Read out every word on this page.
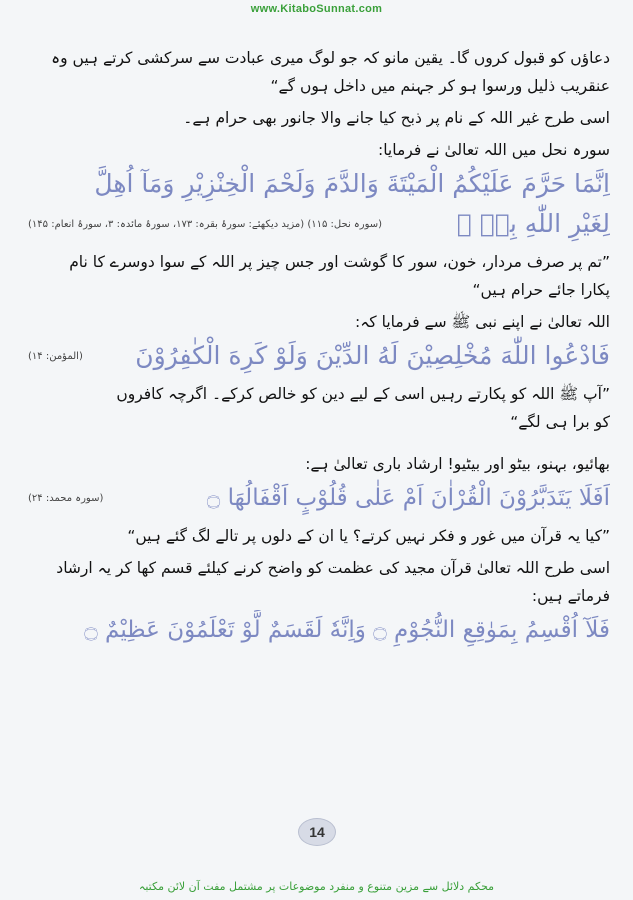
www.KitaboSunnat.com
دعاؤں کو قبول کروں گا۔ یقین مانو کہ جو لوگ میری عبادت سے سرکشی کرتے ہیں وہ
عنقریب ذلیل ورسوا ہو کر جہنم میں داخل ہوں گے“
اسی طرح غیر اللہ کے نام پر ذبح کیا جانے والا جانور بھی حرام ہے۔
سورہ نحل میں اللہ تعالیٰ نے فرمایا:
اِنَّمَا حَرَّمَ عَلَيْكُمُ الْمَيْتَةَ وَالدَّمَ وَلَحْمَ الْخِنْزِيْرِ وَمَآ اُهِلَّ
لِغَيْرِ اللّٰهِ بِهٖ ۚ
(سورہ نحل: ۱۱۵) (مزید دیکھئے: سورۂ بقرہ: ۱۷۳، سورۂ مائدہ: ۳، سورۂ انعام: ۱۴۵)
”تم پر صرف مردار، خون، سور کا گوشت اور جس چیز پر اللہ کے سوا دوسرے کا نام
پکارا جائے حرام ہیں“
اللہ تعالیٰ نے اپنے نبی ﷺ سے فرمایا کہ:
فَادْعُوا اللّٰهَ مُخْلِصِيْنَ لَهُ الدِّيْنَ وَلَوْ كَرِهَ الْكٰفِرُوْنَ
(المؤمن: ۱۴)
”آپ ﷺ اللہ کو پکارتے رہیں اسی کے لیے دین کو خالص کرکے۔ اگرچہ کافروں
کو برا ہی لگے“
بھائیو، بہنو، بیٹو اور بیٹیو! ارشاد باری تعالیٰ ہے:
اَفَلَا يَتَدَبَّرُوْنَ الْقُرْاٰنَ اَمْ عَلٰى قُلُوْبٍ اَقْفَالُهَا ۝
(سورہ محمد: ۲۴)
”کیا یہ قرآن میں غور و فکر نہیں کرتے؟ یا ان کے دلوں پر تالے لگ گئے ہیں“
اسی طرح اللہ تعالیٰ قرآن مجید کی عظمت کو واضح کرنے کیلئے قسم کھا کر یہ ارشاد
فرماتے ہیں:
فَلَآ اُقْسِمُ بِمَوٰقِعِ النُّجُوْمِ ۝ وَاِنَّهٗ لَقَسَمٌ لَّوْ تَعْلَمُوْنَ عَظِيْمٌ ۝
14
محکم دلائل سے مزین متنوع و منفرد موضوعات پر مشتمل مفت آن لائن مکتبہ
